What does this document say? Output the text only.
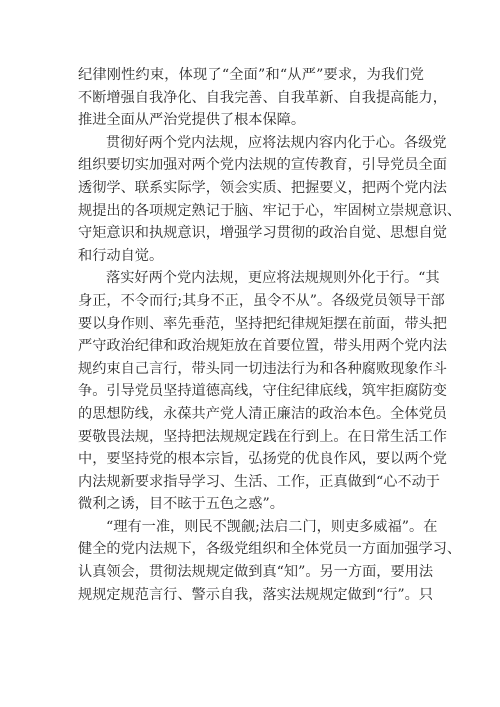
纪律刚性约束，体现了“全面”和“从严”要求，为我们党
不断增强自我净化、自我完善、自我革新、自我提高能力，
推进全面从严治党提供了根本保障。
贯彻好两个党内法规，应将法规内容内化于心。各级党
组织要切实加强对两个党内法规的宣传教育，引导党员全面
透彻学、联系实际学，领会实质、把握要义，把两个党内法
规提出的各项规定熟记于脑、牢记于心，牢固树立崇规意识、
守矩意识和执规意识，增强学习贯彻的政治自觉、思想自觉
和行动自觉。
落实好两个党内法规，更应将法规规则外化于行。“其
身正，不令而行;其身不正，虽令不从”。各级党员领导干部
要以身作则、率先垂范，坚持把纪律规矩摆在前面，带头把
严守政治纪律和政治规矩放在首要位置，带头用两个党内法
规约束自己言行，带头同一切违法行为和各种腐败现象作斗
争。引导党员坚持道德高线，守住纪律底线，筑牢拒腐防变
的思想防线，永葆共产党人清正廉洁的政治本色。全体党员
要敬畏法规，坚持把法规规定践在行到上。在日常生活工作
中，要坚持党的根本宗旨，弘扬党的优良作风，要以两个党
内法规新要求指导学习、生活、工作，正真做到“心不动于
微利之诱，目不眩于五色之惑”。
“理有一准，则民不觊觎;法启二门，则吏多威福”。在
健全的党内法规下，各级党组织和全体党员一方面加强学习、
认真领会，贯彻法规规定做到真“知”。另一方面，要用法
规规定规范言行、警示自我，落实法规规定做到“行”。只
